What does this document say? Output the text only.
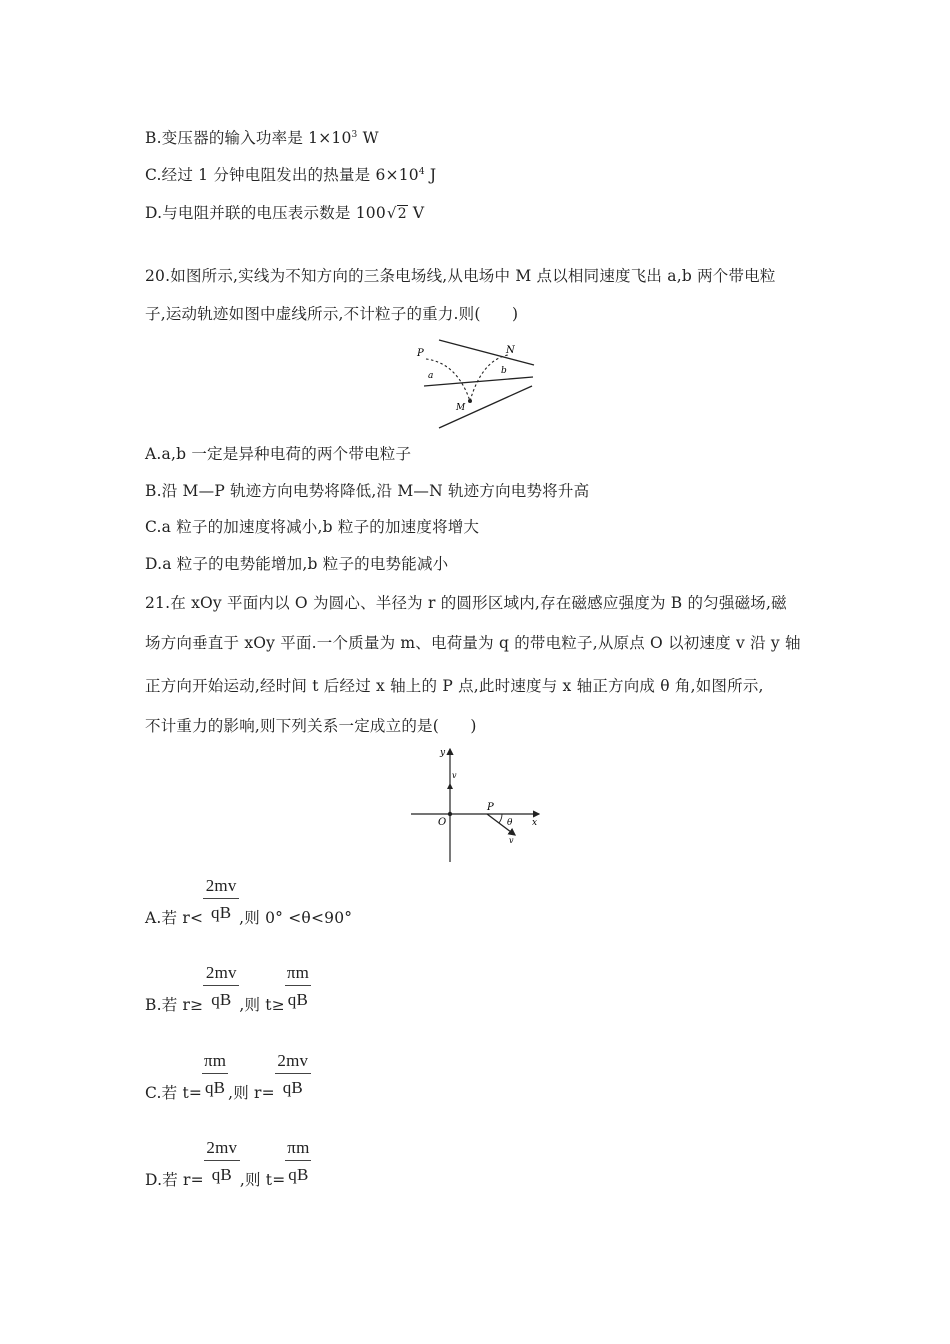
B.变压器的输入功率是 $1\times 10^3$ W
C.经过 1 分钟电阻发出的热量是 $6\times 10^4$ J
D.与电阻并联的电压表示数是 100√2 V
20.如图所示,实线为不知方向的三条电场线,从电场中 M 点以相同速度飞出 a,b 两个带电粒
子,运动轨迹如图中虚线所示,不计粒子的重力.则(　　)
P	N
a	b
M
A.a,b 一定是异种电荷的两个带电粒子
B.沿 M—P 轨迹方向电势将降低,沿 M—N 轨迹方向电势将升高
C.a 粒子的加速度将减小,b 粒子的加速度将增大
D.a 粒子的电势能增加,b 粒子的电势能减小
21.在 xOy 平面内以 O 为圆心、半径为 r 的圆形区域内,存在磁感应强度为 B 的匀强磁场,磁
场方向垂直于 xOy 平面.一个质量为 m、电荷量为 q 的带电粒子,从原点 O 以初速度 v 沿 y 轴
正方向开始运动,经时间 t 后经过 x 轴上的 P 点,此时速度与 x 轴正方向成 θ 角,如图所示,
不计重力的影响,则下列关系一定成立的是(　　)
y
v
O
P
x
θ
v
A.若 $r< \frac{2mv}{qB}$ ,则 0° <θ<90°
B.若 $r\ge \frac{2mv}{qB}$ ,则 $t\ge \frac{\pi m}{qB}$
C.若 $t= \frac{\pi m}{qB}$ ,则 $r= \frac{2mv}{qB}$
D.若 $r= \frac{2mv}{qB}$ ,则 $t= \frac{\pi m}{qB}$
